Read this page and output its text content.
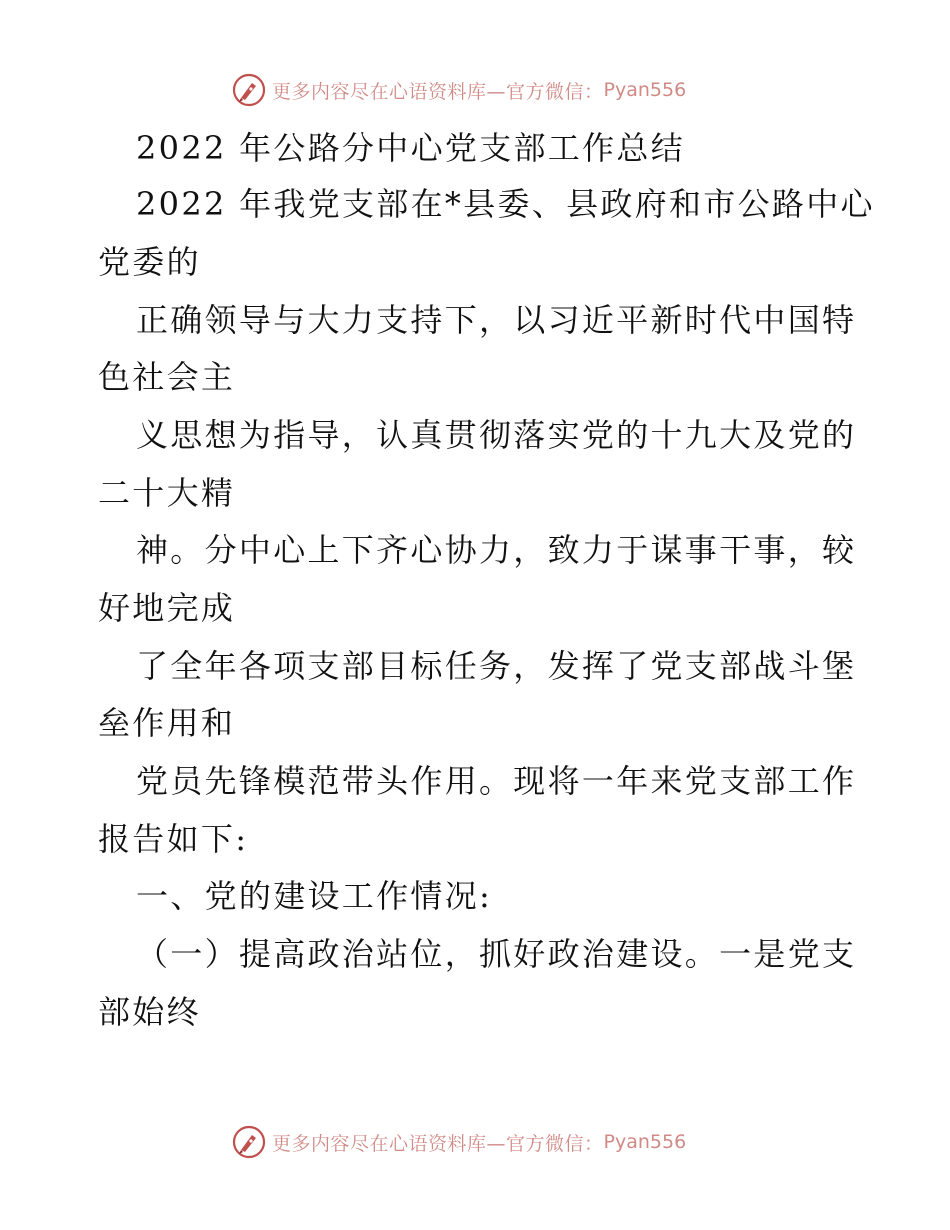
更多内容尽在心语资料库—官方微信： Pyan556
2022 年公路分中心党支部工作总结
2022 年我党支部在*县委、县政府和市公路中心
党委的
正确领导与大力支持下，以习近平新时代中国特
色社会主
义思想为指导，认真贯彻落实党的十九大及党的
二十大精
神。分中心上下齐心协力，致力于谋事干事，较
好地完成
了全年各项支部目标任务，发挥了党支部战斗堡
垒作用和
党员先锋模范带头作用。现将一年来党支部工作
报告如下:
一、党的建设工作情况:
（一）提高政治站位，抓好政治建设。一是党支
部始终
更多内容尽在心语资料库—官方微信： Pyan556
